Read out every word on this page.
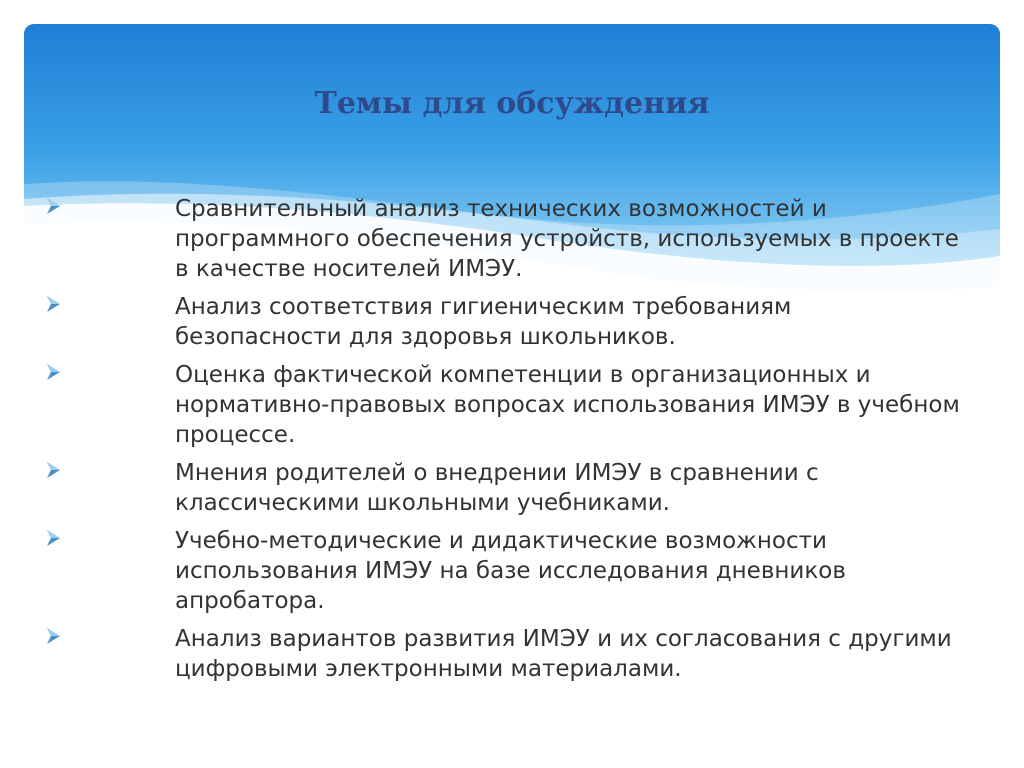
Темы для обсуждения
Сравнительный анализ технических возможностей и программного обеспечения устройств, используемых в проекте в качестве носителей ИМЭУ.
Анализ соответствия гигиеническим требованиям безопасности для здоровья школьников.
Оценка фактической компетенции в организационных и нормативно-правовых вопросах использования ИМЭУ в учебном процессе.
Мнения родителей о внедрении ИМЭУ в сравнении с классическими школьными учебниками.
Учебно-методические и дидактические возможности использования ИМЭУ на базе исследования дневников апробатора.
Анализ вариантов развития ИМЭУ и их согласования с другими цифровыми электронными материалами.
